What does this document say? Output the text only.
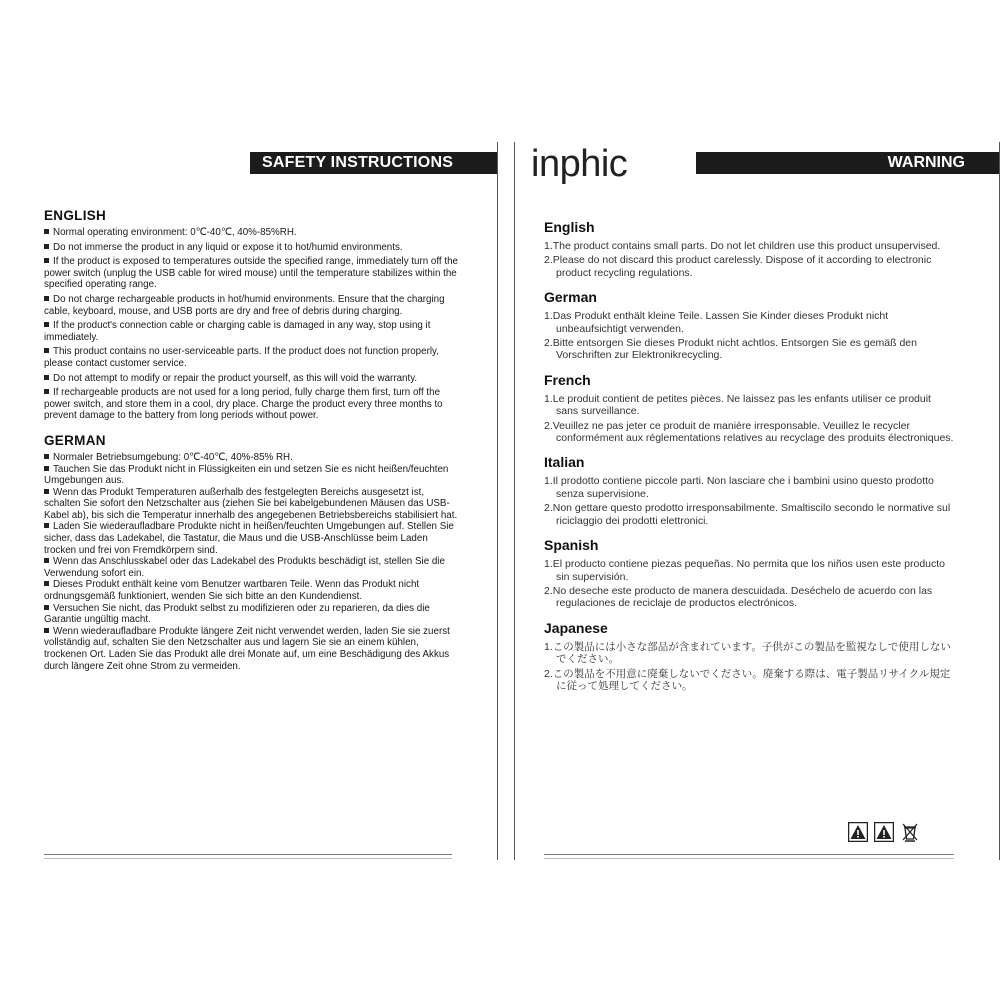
SAFETY INSTRUCTIONS
ENGLISH
Normal operating environment: 0℃-40℃, 40%-85%RH.
Do not immerse the product in any liquid or expose it to hot/humid environments.
If the product is exposed to temperatures outside the specified range, immediately turn off the power switch (unplug the USB cable for wired mouse) until the temperature stabilizes within the specified operating range.
Do not charge rechargeable products in hot/humid environments. Ensure that the charging cable, keyboard, mouse, and USB ports are dry and free of debris during charging.
If the product's connection cable or charging cable is damaged in any way, stop using it immediately.
This product contains no user-serviceable parts. If the product does not function properly, please contact customer service.
Do not attempt to modify or repair the product yourself, as this will void the warranty.
If rechargeable products are not used for a long period, fully charge them first, turn off the power switch, and store them in a cool, dry place. Charge the product every three months to prevent damage to the battery from long periods without power.
GERMAN
Normaler Betriebsumgebung: 0℃-40℃, 40%-85% RH.
Tauchen Sie das Produkt nicht in Flüssigkeiten ein und setzen Sie es nicht heißen/feuchten Umgebungen aus.
Wenn das Produkt Temperaturen außerhalb des festgelegten Bereichs ausgesetzt ist, schalten Sie sofort den Netzschalter aus (ziehen Sie bei kabelgebundenen Mäusen das USB-Kabel ab), bis sich die Temperatur innerhalb des angegebenen Betriebsbereichs stabilisiert hat.
Laden Sie wiederaufladbare Produkte nicht in heißen/feuchten Umgebungen auf. Stellen Sie sicher, dass das Ladekabel, die Tastatur, die Maus und die USB-Anschlüsse beim Laden trocken und frei von Fremdkörpern sind.
Wenn das Anschlusskabel oder das Ladekabel des Produkts beschädigt ist, stellen Sie die Verwendung sofort ein.
Dieses Produkt enthält keine vom Benutzer wartbaren Teile. Wenn das Produkt nicht ordnungsgemäß funktioniert, wenden Sie sich bitte an den Kundendienst.
Versuchen Sie nicht, das Produkt selbst zu modifizieren oder zu reparieren, da dies die Garantie ungültig macht.
Wenn wiederaufladbare Produkte längere Zeit nicht verwendet werden, laden Sie sie zuerst vollständig auf, schalten Sie den Netzschalter aus und lagern Sie sie an einem kühlen, trockenen Ort. Laden Sie das Produkt alle drei Monate auf, um eine Beschädigung des Akkus durch längere Zeit ohne Strom zu vermeiden.
inphic	WARNING
English
1.The product contains small parts. Do not let children use this product unsupervised.
2.Please do not discard this product carelessly. Dispose of it according to electronic product recycling regulations.
German
1.Das Produkt enthält kleine Teile. Lassen Sie Kinder dieses Produkt nicht unbeaufsichtigt verwenden.
2.Bitte entsorgen Sie dieses Produkt nicht achtlos. Entsorgen Sie es gemäß den Vorschriften zur Elektronikrecycling.
French
1.Le produit contient de petites pièces. Ne laissez pas les enfants utiliser ce produit sans surveillance.
2.Veuillez ne pas jeter ce produit de manière irresponsable. Veuillez le recycler conformément aux réglementations relatives au recyclage des produits électroniques.
Italian
1.Il prodotto contiene piccole parti. Non lasciare che i bambini usino questo prodotto senza supervisione.
2.Non gettare questo prodotto irresponsabilmente. Smaltiscilo secondo le normative sul riciclaggio dei prodotti elettronici.
Spanish
1.El producto contiene piezas pequeñas. No permita que los niños usen este producto sin supervisión.
2.No deseche este producto de manera descuidada. Deséchelo de acuerdo con las regulaciones de reciclaje de productos electrónicos.
Japanese
1.この製品には小さな部品が含まれています。子供がこの製品を監視なしで使用しないでください。
2.この製品を不用意に廃棄しないでください。廃棄する際は、電子製品リサイクル規定に従って処理してください。
